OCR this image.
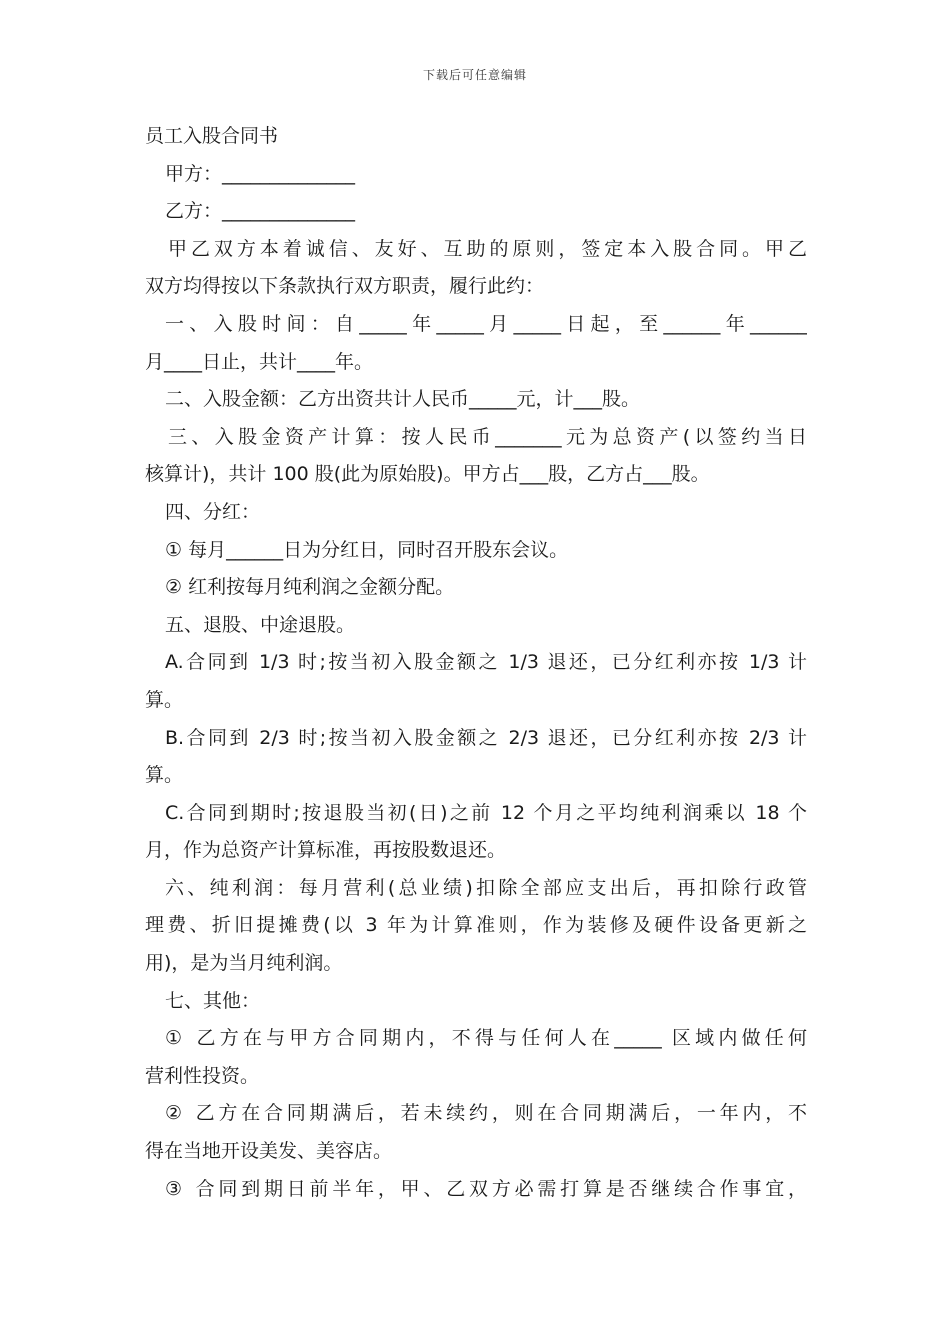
下载后可任意编辑
员工入股合同书
甲方：______________
乙方：______________
甲乙双方本着诚信、友好、互助的原则，签定本入股合同。甲乙
双方均得按以下条款执行双方职责，履行此约：
一、入股时间：自_____年_____月_____日起，至______年______
月____日止，共计____年。
二、入股金额：乙方出资共计人民币_____元，计___股。
三、入股金资产计算：按人民币_______元为总资产(以签约当日
核算计)，共计 100 股(此为原始股)。甲方占___股，乙方占___股。
四、分红：
① 每月______日为分红日，同时召开股东会议。
② 红利按每月纯利润之金额分配。
五、退股、中途退股。
A.合同到 1/3 时;按当初入股金额之 1/3 退还，已分红利亦按 1/3 计
算。
B.合同到 2/3 时;按当初入股金额之 2/3 退还，已分红利亦按 2/3 计
算。
C.合同到期时;按退股当初(日)之前 12 个月之平均纯利润乘以 18 个
月，作为总资产计算标准，再按股数退还。
六、纯利润：每月营利(总业绩)扣除全部应支出后，再扣除行政管
理费、折旧提摊费(以 3 年为计算准则，作为装修及硬件设备更新之
用)，是为当月纯利润。
七、其他：
① 乙方在与甲方合同期内，不得与任何人在_____ 区域内做任何
营利性投资。
② 乙方在合同期满后，若未续约，则在合同期满后，一年内，不
得在当地开设美发、美容店。
③ 合同到期日前半年，甲、乙双方必需打算是否继续合作事宜，
